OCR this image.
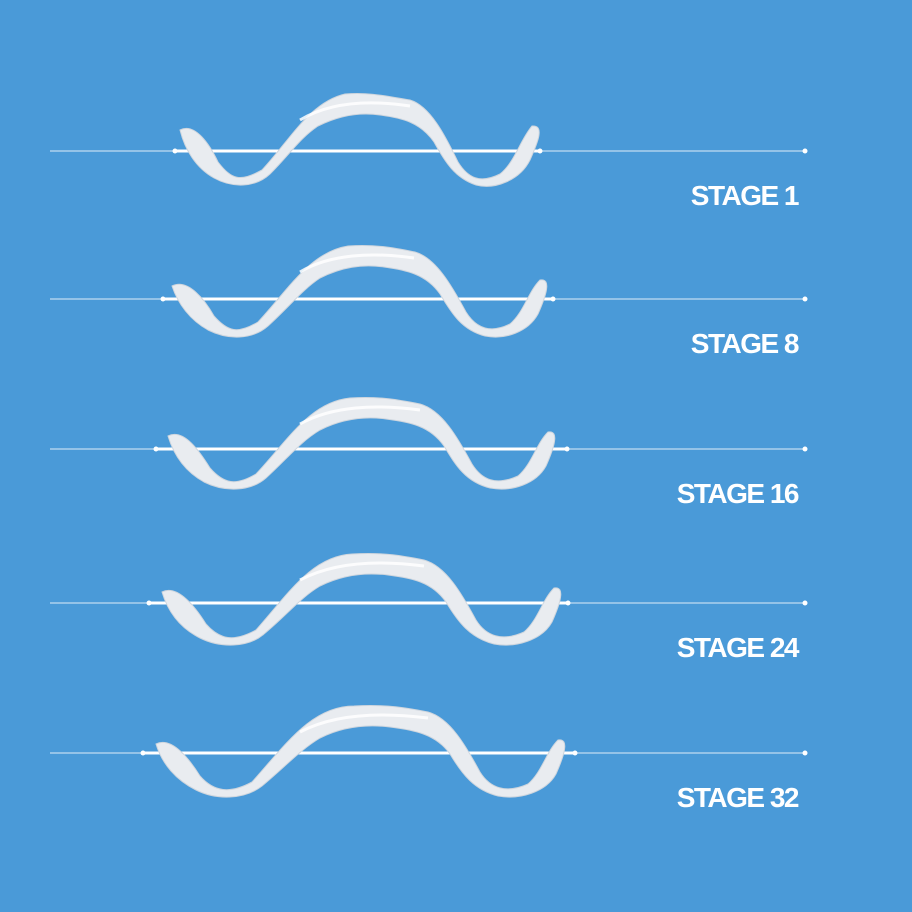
STAGE 1
STAGE 8
STAGE 16
STAGE 24
STAGE 32
